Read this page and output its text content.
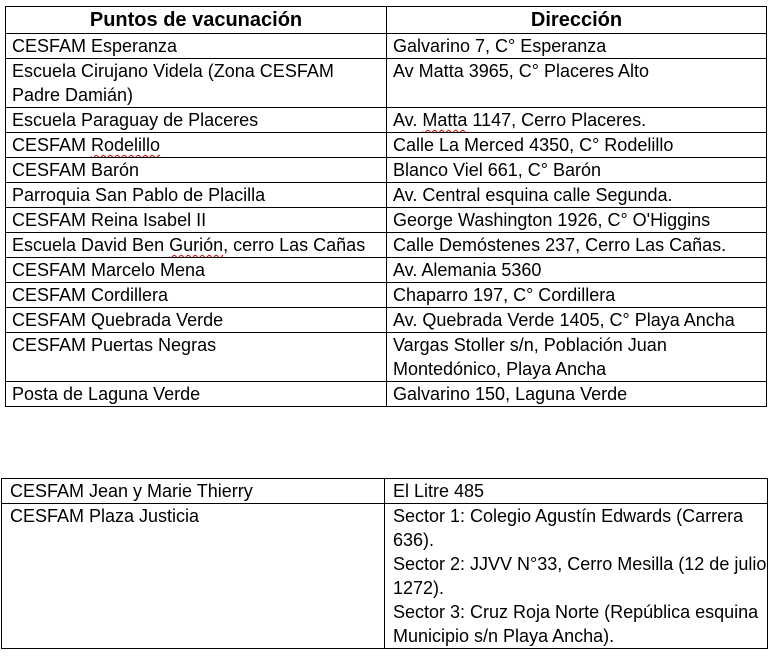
Puntos de vacunación	Dirección
CESFAM Esperanza	Galvarino 7, C° Esperanza
Escuela Cirujano Videla (Zona CESFAM Padre Damián)	Av Matta 3965, C° Placeres Alto
Escuela Paraguay de Placeres	Av. Matta 1147, Cerro Placeres.
CESFAM Rodelillo	Calle La Merced 4350, C° Rodelillo
CESFAM Barón	Blanco Viel 661, C° Barón
Parroquia San Pablo de Placilla	Av. Central esquina calle Segunda.
CESFAM Reina Isabel II	George Washington 1926, C° O'Higgins
Escuela David Ben Gurión, cerro Las Cañas	Calle Demóstenes 237, Cerro Las Cañas.
CESFAM Marcelo Mena	Av. Alemania 5360
CESFAM Cordillera	Chaparro 197, C° Cordillera
CESFAM Quebrada Verde	Av. Quebrada Verde 1405, C° Playa Ancha
CESFAM Puertas Negras	Vargas Stoller s/n, Población Juan Montedónico, Playa Ancha
Posta de Laguna Verde	Galvarino 150, Laguna Verde
CESFAM Jean y Marie Thierry	El Litre 485
CESFAM Plaza Justicia	Sector 1: Colegio Agustín Edwards (Carrera 636).
Sector 2: JJVV N°33, Cerro Mesilla (12 de julio 1272).
Sector 3: Cruz Roja Norte (República esquina Municipio s/n Playa Ancha).
